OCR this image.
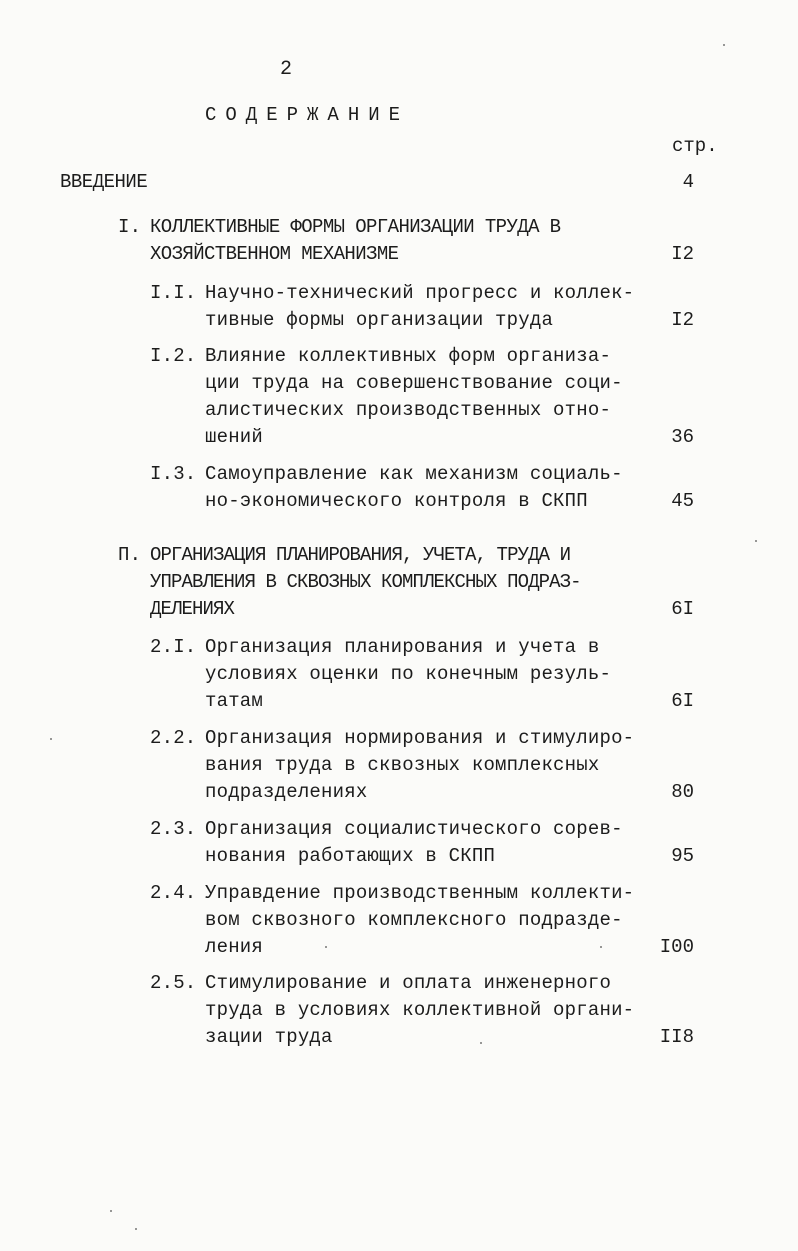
2
СОДЕРЖАНИЕ
стр.
ВВЕДЕНИЕ	4
I. КОЛЛЕКТИВНЫЕ ФОРМЫ ОРГАНИЗАЦИИ ТРУДА В
ХОЗЯЙСТВЕННОМ МЕХАНИЗМЕ	I2
I.I. Научно-технический прогресс и коллек-
тивные формы организации труда	I2
I.2. Влияние коллективных форм организа-
ции труда на совершенствование соци-
алистических производственных отно-
шений	36
I.3. Самоуправление как механизм социаль-
но-экономического контроля в СКПП	45
П. ОРГАНИЗАЦИЯ ПЛАНИРОВАНИЯ, УЧЕТА, ТРУДА И
УПРАВЛЕНИЯ В СКВОЗНЫХ КОМПЛЕКСНЫХ ПОДРАЗ-
ДЕЛЕНИЯХ	6I
2.I. Организация планирования и учета в
условиях оценки по конечным резуль-
татам	6I
2.2. Организация нормирования и стимулиро-
вания труда в сквозных комплексных
подразделениях	80
2.3. Организация социалистического сорев-
нования работающих в СКПП	95
2.4. Управдение производственным коллекти-
вом сквозного комплексного подразде-
ления	I00
2.5. Стимулирование и оплата инженерного
труда в условиях коллективной органи-
зации труда	II8
